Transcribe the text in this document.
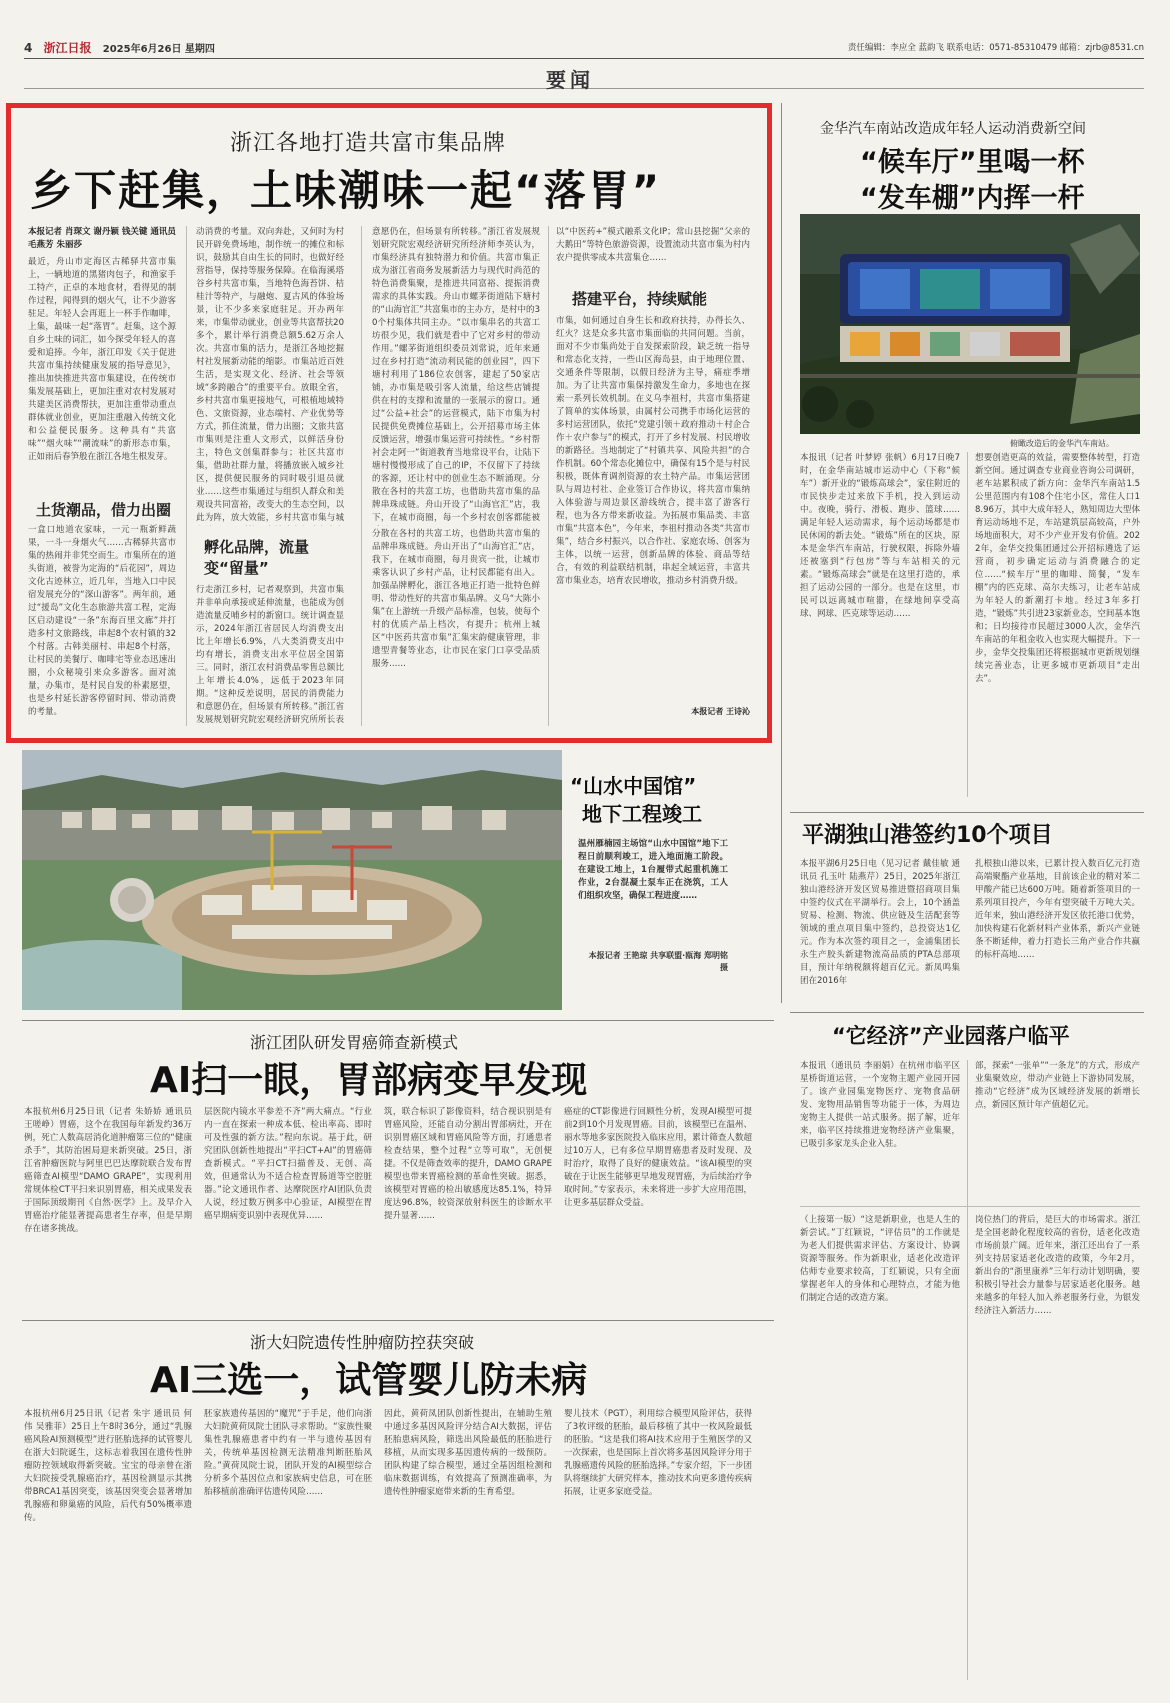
4 浙江日报 2025年6月26日 星期四	责任编辑：李应全 蓝韵飞 联系电话：0571-85310479 邮箱：zjrb@8531.cn
要闻
浙江各地打造共富市集品牌
乡下赶集，土味潮味一起“落胃”
本报记者 肖琛文 谢丹颖 钱关键 通讯员 毛燕芳 朱丽莎
最近，舟山市定海区古稀驿共富市集上，一辆地道的黑猪肉包子，和渔家手工特产，正卓的本地食材，看得见的制作过程，闻得到的烟火气，让不少游客驻足。年轻人会再逛上一杯手作咖啡，上集，最味一起“落胃”。赶集，这个源自乡土味的词汇，如今探受年轻人的喜爱和追捧。今年，浙江印发《关于促进共富市集持续健康发展的指导意见》，推出加快推进共富市集建设，在传统市集发展基础上，更加注重对农村发展对共建美区消费帮扶，更加注重带动重点群体就业创业，更加注重融入传统文化和公益便民服务。这种具有“共富味”“烟火味”“潮流味”的新形态市集，正如雨后春笋般在浙江各地生根发芽。
土货潮品，借力出圈
一盒口地道农家味，一元一瓶新鲜蔬果，一斗一身烟火气……古稀驿共富市集的热闹并非凭空而生。市集所在的道头街道，被誉为定海的“后花园”，周边文化古迹林立，近几年，当地入口中民宿发展充分的“深山游客”。两年前，通过“援岛”文化生态旅游共富工程，定海区启动建设“一条”东海百里文廊”并打造多村文旅路线，串起8个农村镇的32个村落。古韩美丽村、串起8个村落，让村民的美餐厅、咖啡宅等业态迅速出圈，小众秘境引来众多游客。面对流量，办集市，是村民自发的朴素愿望，也是乡村延长游客停留时间、带动消费的考量。
动消费的考量。双向奔赴，又何时为村民开辟免费场地，制作统一的摊位和标识，鼓励其自由生长的同时，也做好经营指导，保持等服务保障。在临海溪塔谷乡村共富市集，当地特色海苔饼、桔桂汁等特产，与融炮、夏古风的体验场景，让不少多来家庭驻足。开办两年来，市集带动就业，创业等共富帮扶20多个，累计举行消费总额5.62万余人次。共富市集的活力，是浙江各地挖掘村社发展新动能的缩影。市集站近百姓生活，是实现文化、经济、社会等领域“多跨融合”的重要平台。放眼全省，乡村共富市集更接地气，可根植地域特色、文旅资源，业态端村、产业优势等方式，抓住流量，借力出圈；文旅共富市集则是注重人文形式，以鲜活身份主，特色文创集群参与；社区共富市集，借助社群力量，将播放嵌入城乡社区，提供便民服务的同时吸引退员就业……这些市集通过与组织人群众和美观设共同富裕，改变大的生态空间，以此为阵，放大效能，乡村共富市集与城
孵化品牌，流量变“留量”
行走浙江乡村，记者观察到，共富市集并非单向承接或延伸流量，也能成为创造流量反哺乡村的新窗口。统计调查显示，2024年浙江省居民人均消费支出比上年增长6.9%，八大类消费支出中均有增长，消费支出水平位居全国第三。同时，浙江农村消费品零售总额比上年增长4.0%，远低于2023年同期。“这种反差说明，居民的消费能力和意愿仍在，但场景有所转移。”浙江省发展规划研究院宏观经济研究所所长表
意愿仍在，但场景有所转移。”浙江省发展规划研究院宏观经济研究所经济师李英认为，市集经济具有独特潜力和价值。共富市集正成为浙江省商务发展新活力与现代时尚范的特色消费集聚，是推进共同富裕、提振消费需求的具体实践。舟山市螺茅街道陆下塘村的“山海官汇”共富集市的主办方，是村中的30个村集体共同主办。“以市集串名的共富工坊很少见，我们就是看中了它对乡村的带动作用。”螺茅街道组织委员刘常说，近年来通过在乡村打造“流动利民能的创业园”，四下塘村利用了186位农创客，建起了50家店铺，办市集是吸引客人流量，给这些店铺提供在村的支撑和流量的一张展示的窗口。通过“公益+社会”的运营模式，陆下市集为村民提供免费摊位基础上，公开招募市场主体反馈运营，增强市集运营可持续性。“乡村帮衬会走阿一”街道教育当地常设平台，让陆下塘村慢慢形成了自己的IP，不仅留下了持续的客源，还让村中的创业生态不断涌现。分散在各村的共富工坊，也借助共富市集的品牌串珠成链。舟山开设了“山海官汇”店，我下，在城市商圈，每一个乡村农创客都能被
分散在各村的共富工坊，也借助共富市集的品牌串珠成链。舟山开出了“山海官汇”店，我下，在城市商圈，每月贵宾一批，让城市乘客认识了乡村产品，让村民都能有出入。加强品牌孵化，浙江各地正打造一批特色鲜明、带动性好的共富市集品牌。义乌“大陈小集”在上游统一升级产品标准，包装，使每个村的优质产品上档次，有提升；杭州上城区“中医药共富市集”汇集宋韵健康管理，非遗型青餐等业态，让市民在家门口享受品质服务……
以“中医药+”模式融系文化IP；常山县挖掘“父亲的大鹅田”等特色旅游资源，设置流动共富市集为村内农户提供零成本共富集仓……
搭建平台，持续赋能
市集，如何通过自身生长和政府扶持，办得长久、红火？这是众多共富市集面临的共同问题。当前，面对不少市集尚处于自发探索阶段，缺乏统一指导和常态化支持，一些山区海岛县，由于地理位置、交通条件等限制，以假日经济为主导，痛症季增加。为了让共富市集保持激发生命力，多地也在探索一系列长效机制。在义乌李祖村，共富市集搭建了简单的实体场景，由属村公司携手市场化运营的多村运营团队，依托“党建引领＋政府推动＋村企合作＋农户参与”的模式，打开了乡村发展、村民增收的新路径。当地制定了“村镇共享、风险共担”的合作机制。60个常态化摊位中，确保有15个是与村民积极，既体育调剂资源的农土特产品。市集运营团队与周边村社、企业签订合作协议，将共富市集纳入体验游与周边景区游线统合，提丰富了游客行程，也为各方带来新收益。为拓展市集品类、丰富市集“共富本色”，今年来，李祖村推动各类“共富市集”，结合乡村振兴，以合作社、家庭农场、创客为主体，以统一运营，创新品牌的体验、商品等结合，有效的利益联结机制，串起全域运营，丰富共富市集业态，培育农民增收，推动乡村消费升级。
本报记者 王诗沁
金华汽车南站改造成年轻人运动消费新空间
“候车厅”里喝一杯
“发车棚”内挥一杆
俯瞰改造后的金华汽车南站。
本报讯（记者 叶梦婷 张帆）6月17日晚7时，在金华南站城市运动中心（下称“候车”）新开业的“锻炼高球会”，家住附近的市民快步走过来放下手机，投入到运动中。夜晚，骑行、滑板、跑步、篮球……满足年轻人运动需求，每个运动场都是市民休闲的新去处。“锻炼”所在的区块，原本是金华汽车南站，行驶权限，拆除外墙还被塞到“行包房”等与车站相关的元素。“锻炼高球会”就是在这里打造的，承担了运动公园的一部分。也是在这里，市民可以远离城市喧嚣，在绿地间享受高球、网球、匹克球等运动……
想要创造更高的效益，需要整体转型，打造新空间。通过调查专业商业咨询公司调研，老车站累积成了新方向：金华汽车南站1.5公里范围内有108个住宅小区，常住人口18.96万，其中大成年轻人，熟知周边大型体育运动场地不足，车站建筑层高较高，户外场地面积大，对不少产业开发有价值。2022年，金华交投集团通过公开招标遴选了运营商，初步确定运动与消费融合的定位……“候车厅”里的咖啡、简餐，“发车棚”内的匹克球、高尔夫练习，让老车站成为年轻人的新潮打卡地。经过3年多打造，“锻炼”共引进23家新业态，空间基本饱和；日均接待市民超过3000人次，金华汽车南站的年租金收入也实现大幅提升。下一步，金华交投集团还将根据城市更新规划继续完善业态，让更多城市更新项目“走出去”。
“山水中国馆”
地下工程竣工
温州雁楠园主场馆“山水中国馆”地下工程日前顺利竣工，进入地面施工阶段。在建设工地上，1台履带式起重机施工作业，2台混凝土泵车正在浇筑，工人们组织攻坚，确保工程进度……
本报记者 王艳琼 共享联盟·瓯海 郑明铭 摄
平湖独山港签约10个项目
本报平湖6月25日电（见习记者 戴佳敏 通讯员 孔玉叶 陆燕芹）25日，2025年浙江独山港经济开发区贸易推进暨招商项目集中签约仪式在平湖举行。会上，10个涵盖贸易、检测、物流、供应链及生活配套等领域的重点项目集中签约，总投资达1亿元。作为本次签约项目之一，金浦集团长永生产胶头新建物流高品质的PTA总部项目，预计年纳税额将超百亿元。新凤鸣集团在2016年
扎根独山港以来，已累计投入数百亿元打造高端聚酯产业基地，目前该企业的精对苯二甲酸产能已达600万吨。随着新签项目的一系列项目投产，今年有望突破千万吨大关。近年来，独山港经济开发区依托港口优势，加快构建石化新材料产业体系，新兴产业链条不断延伸，着力打造长三角产业合作共赢的标杆高地……
“它经济”产业园落户临平
本报讯（通讯员 李丽娟）在杭州市临平区星桥街道运营，一个宠物主题产业园开园了。该产业园集宠物医疗、宠物食品研发、宠物用品销售等功能于一体，为周边宠物主人提供一站式服务。据了解，近年来，临平区持续推进宠物经济产业集聚，已吸引多家龙头企业入驻。
部，探索“一张单”“一条龙”的方式，形成产业集聚效应，带动产业链上下游协同发展，推动“它经济”成为区域经济发展的新增长点，新园区预计年产值超亿元。
（上接第一版）“这是新职业，也是人生的新尝试。”丁红颖说，“评估员”的工作就是为老人们提供需求评估、方案设计、协调资源等服务。作为新职业，适老化改造评估师专业要求较高，丁红颖说，只有全面掌握老年人的身体和心理特点，才能为他们制定合适的改造方案。
岗位热门的背后，是巨大的市场需求。浙江是全国老龄化程度较高的省份，适老化改造市场前景广阔。近年来，浙江还出台了一系列支持居家适老化改造的政策，今年2月，新出台的“浙里康养”三年行动计划明确，要积极引导社会力量参与居家适老化服务。越来越多的年轻人加入养老服务行业，为银发经济注入新活力……
浙江团队研发胃癌筛查新模式
AI扫一眼，胃部病变早发现
本报杭州6月25日讯（记者 朱娇娇 通讯员 王嗟峥）胃癌，这个在我国每年新发约36万例，死亡人数高居消化道肿瘤第三位的“健康杀手”，其防治困局迎来新突破。25日，浙江省肿瘤医院与阿里巴巴达摩院联合发布胃癌筛查AI模型“DAMO GRAPE”，实现利用常规体检CT平扫来识别胃癌，相关成果发表于国际顶级期刊《自然·医学》上。及早介入胃癌治疗能显著提高患者生存率，但是早期存在诸多挑战。
层医院内镜水平参差不齐”两大痛点。“行业内一直在探索一种成本低、检出率高、即时可及性强的新方法。”程向东说。基于此，研究团队创新性地提出“平扫CT+AI”的胃癌筛查新模式。“平扫CT扫描普及、无创、高效，但通常认为不适合检查胃肠道等空腔脏器。”论文通讯作者、达摩院医疗AI团队负责人说，经过数万例多中心验证，AI模型在胃癌早期病变识别中表现优异……
筑，联合标识了影像资料，结合视识别是有胃癌风险，还能自动分割出胃部病灶，开在识别胃癌区域和胃癌风险等方面，打通患者检查结果，整个过程“立等可取”，无创便捷。不仅是筛查效率的提升，DAMO GRAPE模型也带来胃癌检测的革命性突破。据悉，该模型对胃癌的检出敏感度达85.1%，特异度达96.8%，较资深放射科医生的诊断水平提升显著……
癌症的CT影像进行回顾性分析，发现AI模型可提前2到10个月发现胃癌。目前，该模型已在温州、丽水等地多家医院投入临床应用，累计筛查人数超过10万人，已有多位早期胃癌患者及时发现、及时治疗，取得了良好的健康效益。“该AI模型的突破在于让医生能够更早地发现胃癌，为后续治疗争取时间。”专家表示，未来将进一步扩大应用范围，让更多基层群众受益。
浙大妇院遗传性肿瘤防控获突破
AI三选一，试管婴儿防未病
本报杭州6月25日讯（记者 朱宇 通讯员 何伟 吴雅菲）25日上午8时36分，通过“乳腺癌风险AI预测模型”进行胚胎选择的试管婴儿在浙大妇院诞生，这标志着我国在遗传性肿瘤防控领域取得新突破。宝宝的母亲曾在浙大妇院接受乳腺癌治疗，基因检测显示其携带BRCA1基因突变，该基因突变会显著增加乳腺癌和卵巢癌的风险，后代有50%概率遗传。
胚家族遗传基因的“魔咒”于手足，他们向浙大妇院黄荷凤院士团队寻求帮助。“家族性聚集性乳腺癌患者中约有一半与遗传基因有关，传统单基因检测无法精准判断胚胎风险。”黄荷凤院士说，团队开发的AI模型综合分析多个基因位点和家族病史信息，可在胚胎移植前准确评估遗传风险……
因此，黄荷凤团队创新性提出，在辅助生殖中通过多基因风险评分结合AI大数据，评估胚胎患病风险，筛选出风险最低的胚胎进行移植，从而实现多基因遗传病的一级预防。团队构建了综合模型，通过全基因组检测和临床数据训练，有效提高了预测准确率，为遗传性肿瘤家庭带来新的生育希望。
婴儿技术（PGT），利用综合模型风险评估，获得了3枚评级的胚胎，最后移植了其中一枚风险最低的胚胎。“这是我们将AI技术应用于生殖医学的又一次探索，也是国际上首次将多基因风险评分用于乳腺癌遗传风险的胚胎选择。”专家介绍，下一步团队将继续扩大研究样本，推动技术向更多遗传疾病拓展，让更多家庭受益。
